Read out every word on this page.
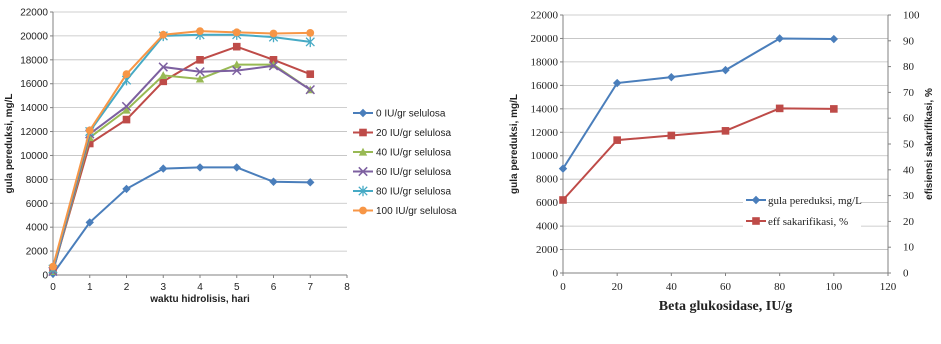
0
2000
4000
6000
8000
10000
12000
14000
16000
18000
20000
22000
0	1	2	3	4	5	6	7	8
waktu hidrolisis, hari
gula pereduksi, mg/L	0 IU/gr selulosa
20 IU/gr selulosa
40 IU/gr selulosa
60 IU/gr selulosa
80 IU/gr selulosa
100 IU/gr selulosa
0
2000
4000
6000
8000
10000
12000
14000
16000
18000
20000
22000
0
10
20
30
40
50
60
70
80
90
100
0	20	40	60	80	100	120
Beta glukosidase, IU/g
gula pereduksi, mg/L	efisiensi sakarifikasi, %
gula pereduksi, mg/L
eff sakarifikasi, %
